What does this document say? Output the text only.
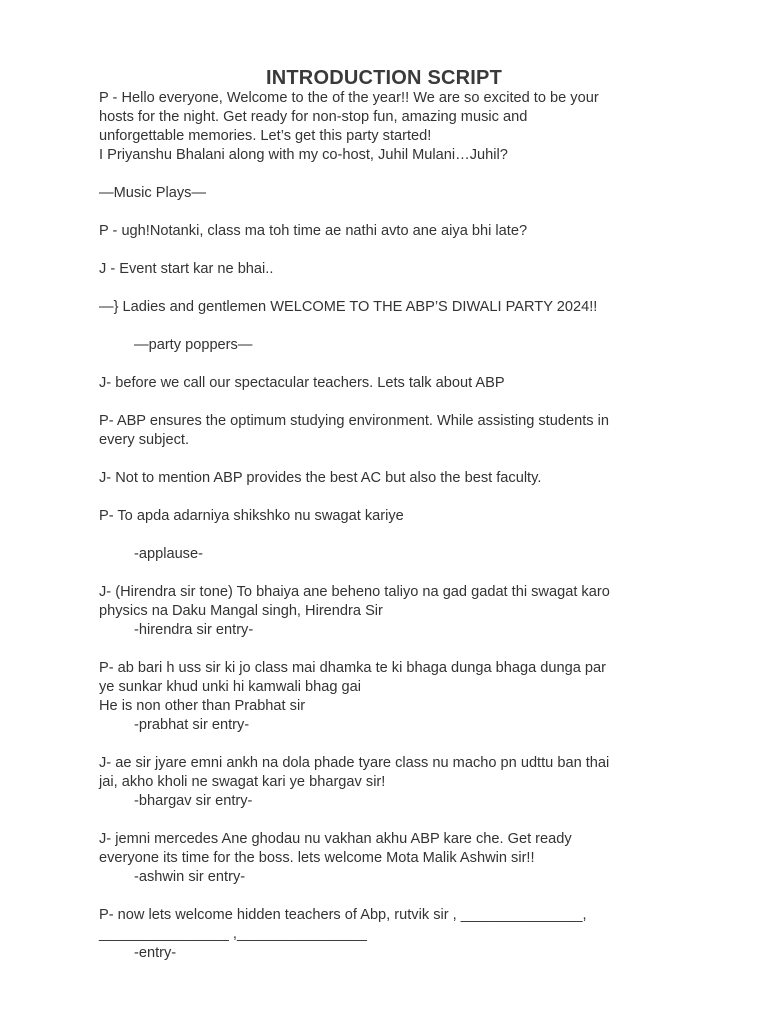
INTRODUCTION SCRIPT
P - Hello everyone, Welcome to the of the year!! We are so excited to be your
hosts for the night. Get ready for non-stop fun, amazing music and
unforgettable memories. Let’s get this party started!
I Priyanshu Bhalani along with my co-host, Juhil Mulani…Juhil?
—Music Plays—
P - ugh!Notanki, class ma toh time ae nathi avto ane aiya bhi late?
J - Event start kar ne bhai..
—} Ladies and gentlemen WELCOME TO THE ABP’S DIWALI PARTY 2024!!
—party poppers—
J- before we call our spectacular teachers. Lets talk about ABP
P- ABP ensures the optimum studying environment. While assisting students in
every subject.
J- Not to mention ABP provides the best AC but also the best faculty.
P- To apda adarniya shikshko nu swagat kariye
-applause-
J- (Hirendra sir tone) To bhaiya ane beheno taliyo na gad gadat thi swagat karo
physics na Daku Mangal singh, Hirendra Sir
-hirendra sir entry-
P- ab bari h uss sir ki jo class mai dhamka te ki bhaga dunga bhaga dunga par
ye sunkar khud unki hi kamwali bhag gai
He is non other than Prabhat sir
-prabhat sir entry-
J- ae sir jyare emni ankh na dola phade tyare class nu macho pn udttu ban thai
jai, akho kholi ne swagat kari ye bhargav sir!
-bhargav sir entry-
J- jemni mercedes Ane ghodau nu vakhan akhu ABP kare che. Get ready
everyone its time for the boss. lets welcome Mota Malik Ashwin sir!!
-ashwin sir entry-
P- now lets welcome hidden teachers of Abp, rutvik sir , _______________,
________________ ,________________
-entry-
